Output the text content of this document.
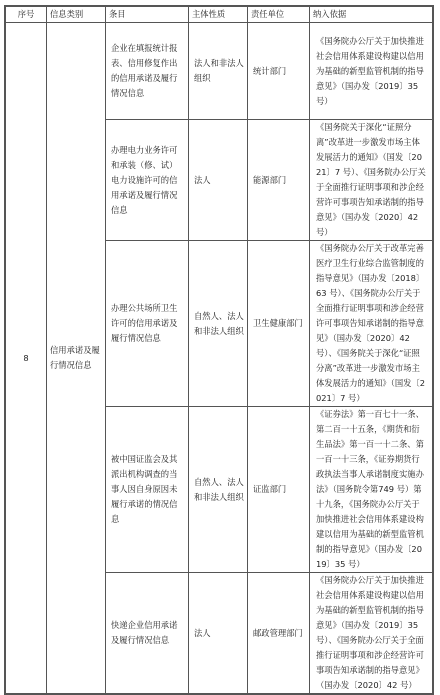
序号	信息类别	条目	主体性质	责任单位	纳入依据
8	信用承诺及履行情况信息	企业在填报统计报表、信用修复作出的信用承诺及履行情况信息	法人和非法人组织	统计部门	《国务院办公厅关于加快推进社会信用体系建设构建以信用为基础的新型监管机制的指导意见》（国办发〔2019〕35 号）
		办理电力业务许可和承装（修、试）电力设施许可的信用承诺及履行情况信息	法人	能源部门	《国务院关于深化“证照分离”改革进一步激发市场主体发展活力的通知》（国发〔2021〕7 号）、《国务院办公厅关于全面推行证明事项和涉企经营许可事项告知承诺制的指导意见》（国办发〔2020〕42 号）
		办理公共场所卫生许可的信用承诺及履行情况信息	自然人、法人和非法人组织	卫生健康部门	《国务院办公厅关于改革完善医疗卫生行业综合监管制度的指导意见》（国办发〔2018〕63 号）、《国务院办公厅关于全面推行证明事项和涉企经营许可事项告知承诺制的指导意见》（国办发〔2020〕42 号）、《国务院关于深化“证照分离”改革进一步激发市场主体发展活力的通知》（国发〔2021〕7 号）
		被中国证监会及其派出机构调查的当事人因自身原因未履行承诺的情况信息	自然人、法人和非法人组织	证监部门	《证券法》第一百七十一条、第二百一十五条，《期货和衍生品法》第一百一十二条、第一百一十三条，《证券期货行政执法当事人承诺制度实施办法》（国务院令第749 号）第十九条，《国务院办公厅关于加快推进社会信用体系建设构建以信用为基础的新型监管机制的指导意见》（国办发〔2019〕35 号）
		快递企业信用承诺及履行情况信息	法人	邮政管理部门	《国务院办公厅关于加快推进社会信用体系建设构建以信用为基础的新型监管机制的指导意见》（国办发〔2019〕35 号）、《国务院办公厅关于全面推行证明事项和涉企经营许可事项告知承诺制的指导意见》（国办发〔2020〕42 号）
